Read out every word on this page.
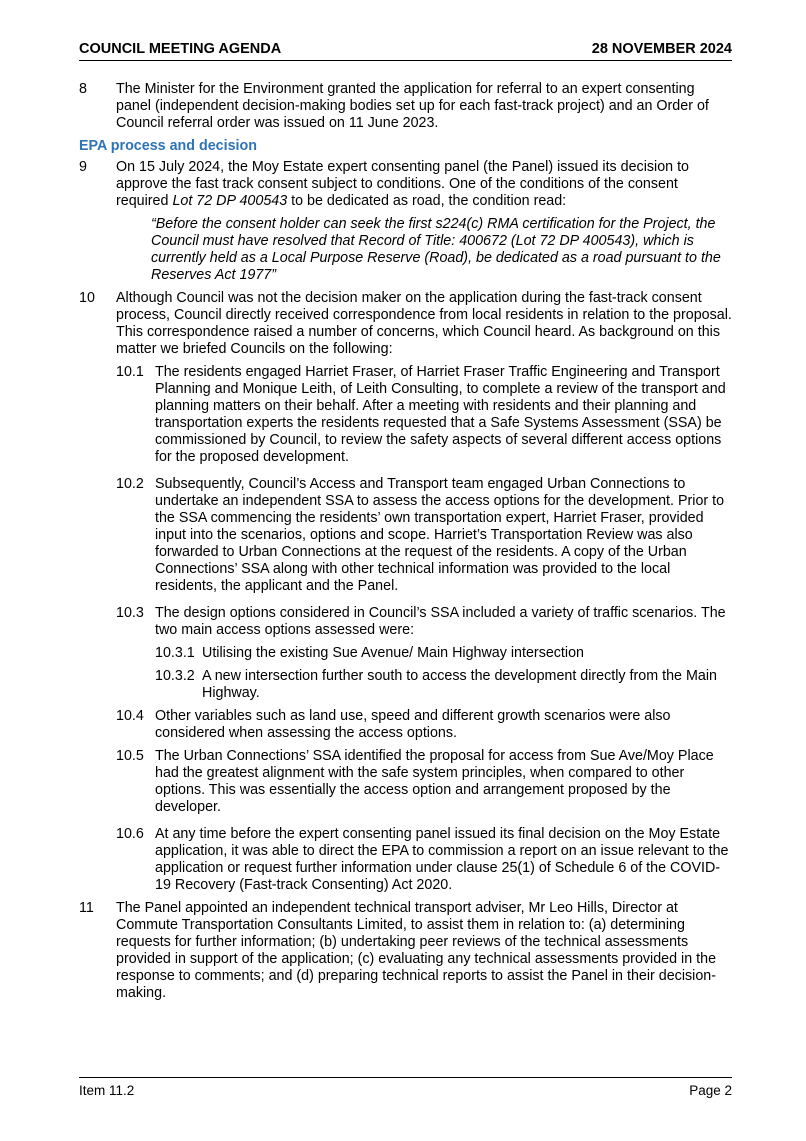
COUNCIL MEETING AGENDA	28 NOVEMBER 2024
8 The Minister for the Environment granted the application for referral to an expert consenting panel (independent decision-making bodies set up for each fast-track project) and an Order of Council referral order was issued on 11 June 2023.
EPA process and decision
9 On 15 July 2024, the Moy Estate expert consenting panel (the Panel) issued its decision to approve the fast track consent subject to conditions. One of the conditions of the consent required Lot 72 DP 400543 to be dedicated as road, the condition read:
“Before the consent holder can seek the first s224(c) RMA certification for the Project, the Council must have resolved that Record of Title: 400672 (Lot 72 DP 400543), which is currently held as a Local Purpose Reserve (Road), be dedicated as a road pursuant to the Reserves Act 1977”
10 Although Council was not the decision maker on the application during the fast-track consent process, Council directly received correspondence from local residents in relation to the proposal. This correspondence raised a number of concerns, which Council heard. As background on this matter we briefed Councils on the following:
10.1 The residents engaged Harriet Fraser, of Harriet Fraser Traffic Engineering and Transport Planning and Monique Leith, of Leith Consulting, to complete a review of the transport and planning matters on their behalf. After a meeting with residents and their planning and transportation experts the residents requested that a Safe Systems Assessment (SSA) be commissioned by Council, to review the safety aspects of several different access options for the proposed development.
10.2 Subsequently, Council’s Access and Transport team engaged Urban Connections to undertake an independent SSA to assess the access options for the development. Prior to the SSA commencing the residents’ own transportation expert, Harriet Fraser, provided input into the scenarios, options and scope. Harriet’s Transportation Review was also forwarded to Urban Connections at the request of the residents. A copy of the Urban Connections’ SSA along with other technical information was provided to the local residents, the applicant and the Panel.
10.3 The design options considered in Council’s SSA included a variety of traffic scenarios. The two main access options assessed were:
10.3.1 Utilising the existing Sue Avenue/ Main Highway intersection
10.3.2 A new intersection further south to access the development directly from the Main Highway.
10.4 Other variables such as land use, speed and different growth scenarios were also considered when assessing the access options.
10.5 The Urban Connections’ SSA identified the proposal for access from Sue Ave/Moy Place had the greatest alignment with the safe system principles, when compared to other options. This was essentially the access option and arrangement proposed by the developer.
10.6 At any time before the expert consenting panel issued its final decision on the Moy Estate application, it was able to direct the EPA to commission a report on an issue relevant to the application or request further information under clause 25(1) of Schedule 6 of the COVID-19 Recovery (Fast-track Consenting) Act 2020.
11 The Panel appointed an independent technical transport adviser, Mr Leo Hills, Director at Commute Transportation Consultants Limited, to assist them in relation to: (a) determining requests for further information; (b) undertaking peer reviews of the technical assessments provided in support of the application; (c) evaluating any technical assessments provided in the response to comments; and (d) preparing technical reports to assist the Panel in their decision-making.
Item 11.2	Page 2
